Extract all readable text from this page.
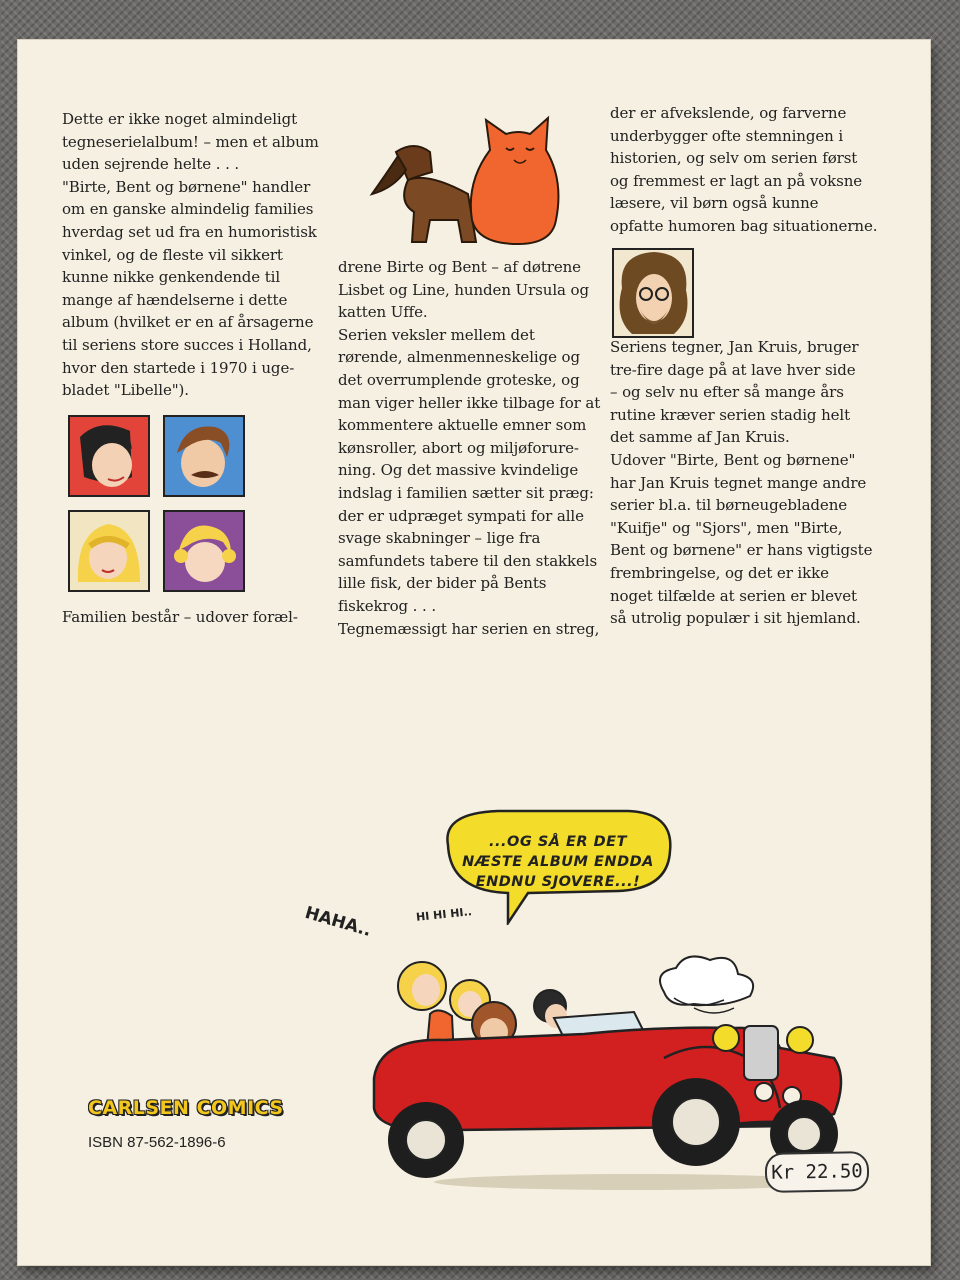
Dette er ikke noget almindeligt
tegneserielalbum! – men et album
uden sejrende helte . . .
"Birte, Bent og børnene" handler
om en ganske almindelig families
hverdag set ud fra en humoristisk
vinkel, og de fleste vil sikkert
kunne nikke genkendende til
mange af hændelserne i dette
album (hvilket er en af årsagerne
til seriens store succes i Holland,
hvor den startede i 1970 i uge-
bladet "Libelle").

Familien består – udover foræl-

drene Birte og Bent – af døtrene
Lisbet og Line, hunden Ursula og
katten Uffe.
Serien veksler mellem det
rørende, almenmenneskelige og
det overrumplende groteske, og
man viger heller ikke tilbage for at
kommentere aktuelle emner som
kønsroller, abort og miljøforure-
ning. Og det massive kvindelige
indslag i familien sætter sit præg:
der er udpræget sympati for alle
svage skabninger – lige fra
samfundets tabere til den stakkels
lille fisk, der bider på Bents
fiskekrog . . .
Tegnemæssigt har serien en streg,

der er afvekslende, og farverne
underbygger ofte stemningen i
historien, og selv om serien først
og fremmest er lagt an på voksne
læsere, vil børn også kunne
opfatte humoren bag situationerne.

Seriens tegner, Jan Kruis, bruger
tre-fire dage på at lave hver side
– og selv nu efter så mange års
rutine kræver serien stadig helt
det samme af Jan Kruis.
Udover "Birte, Bent og børnene"
har Jan Kruis tegnet mange andre
serier bl.a. til børneugebladene
"Kuifje" og "Sjors", men "Birte,
Bent og børnene" er hans vigtigste
frembringelse, og det er ikke
noget tilfælde at serien er blevet
så utrolig populær i sit hjemland.

...OG SÅ ER DET
NÆSTE ALBUM ENDDA
ENDNU SJOVERE...!
HAHA..	HI HI HI..
CARLSEN COMICS
ISBN 87-562-1896-6
Kr 22.50
